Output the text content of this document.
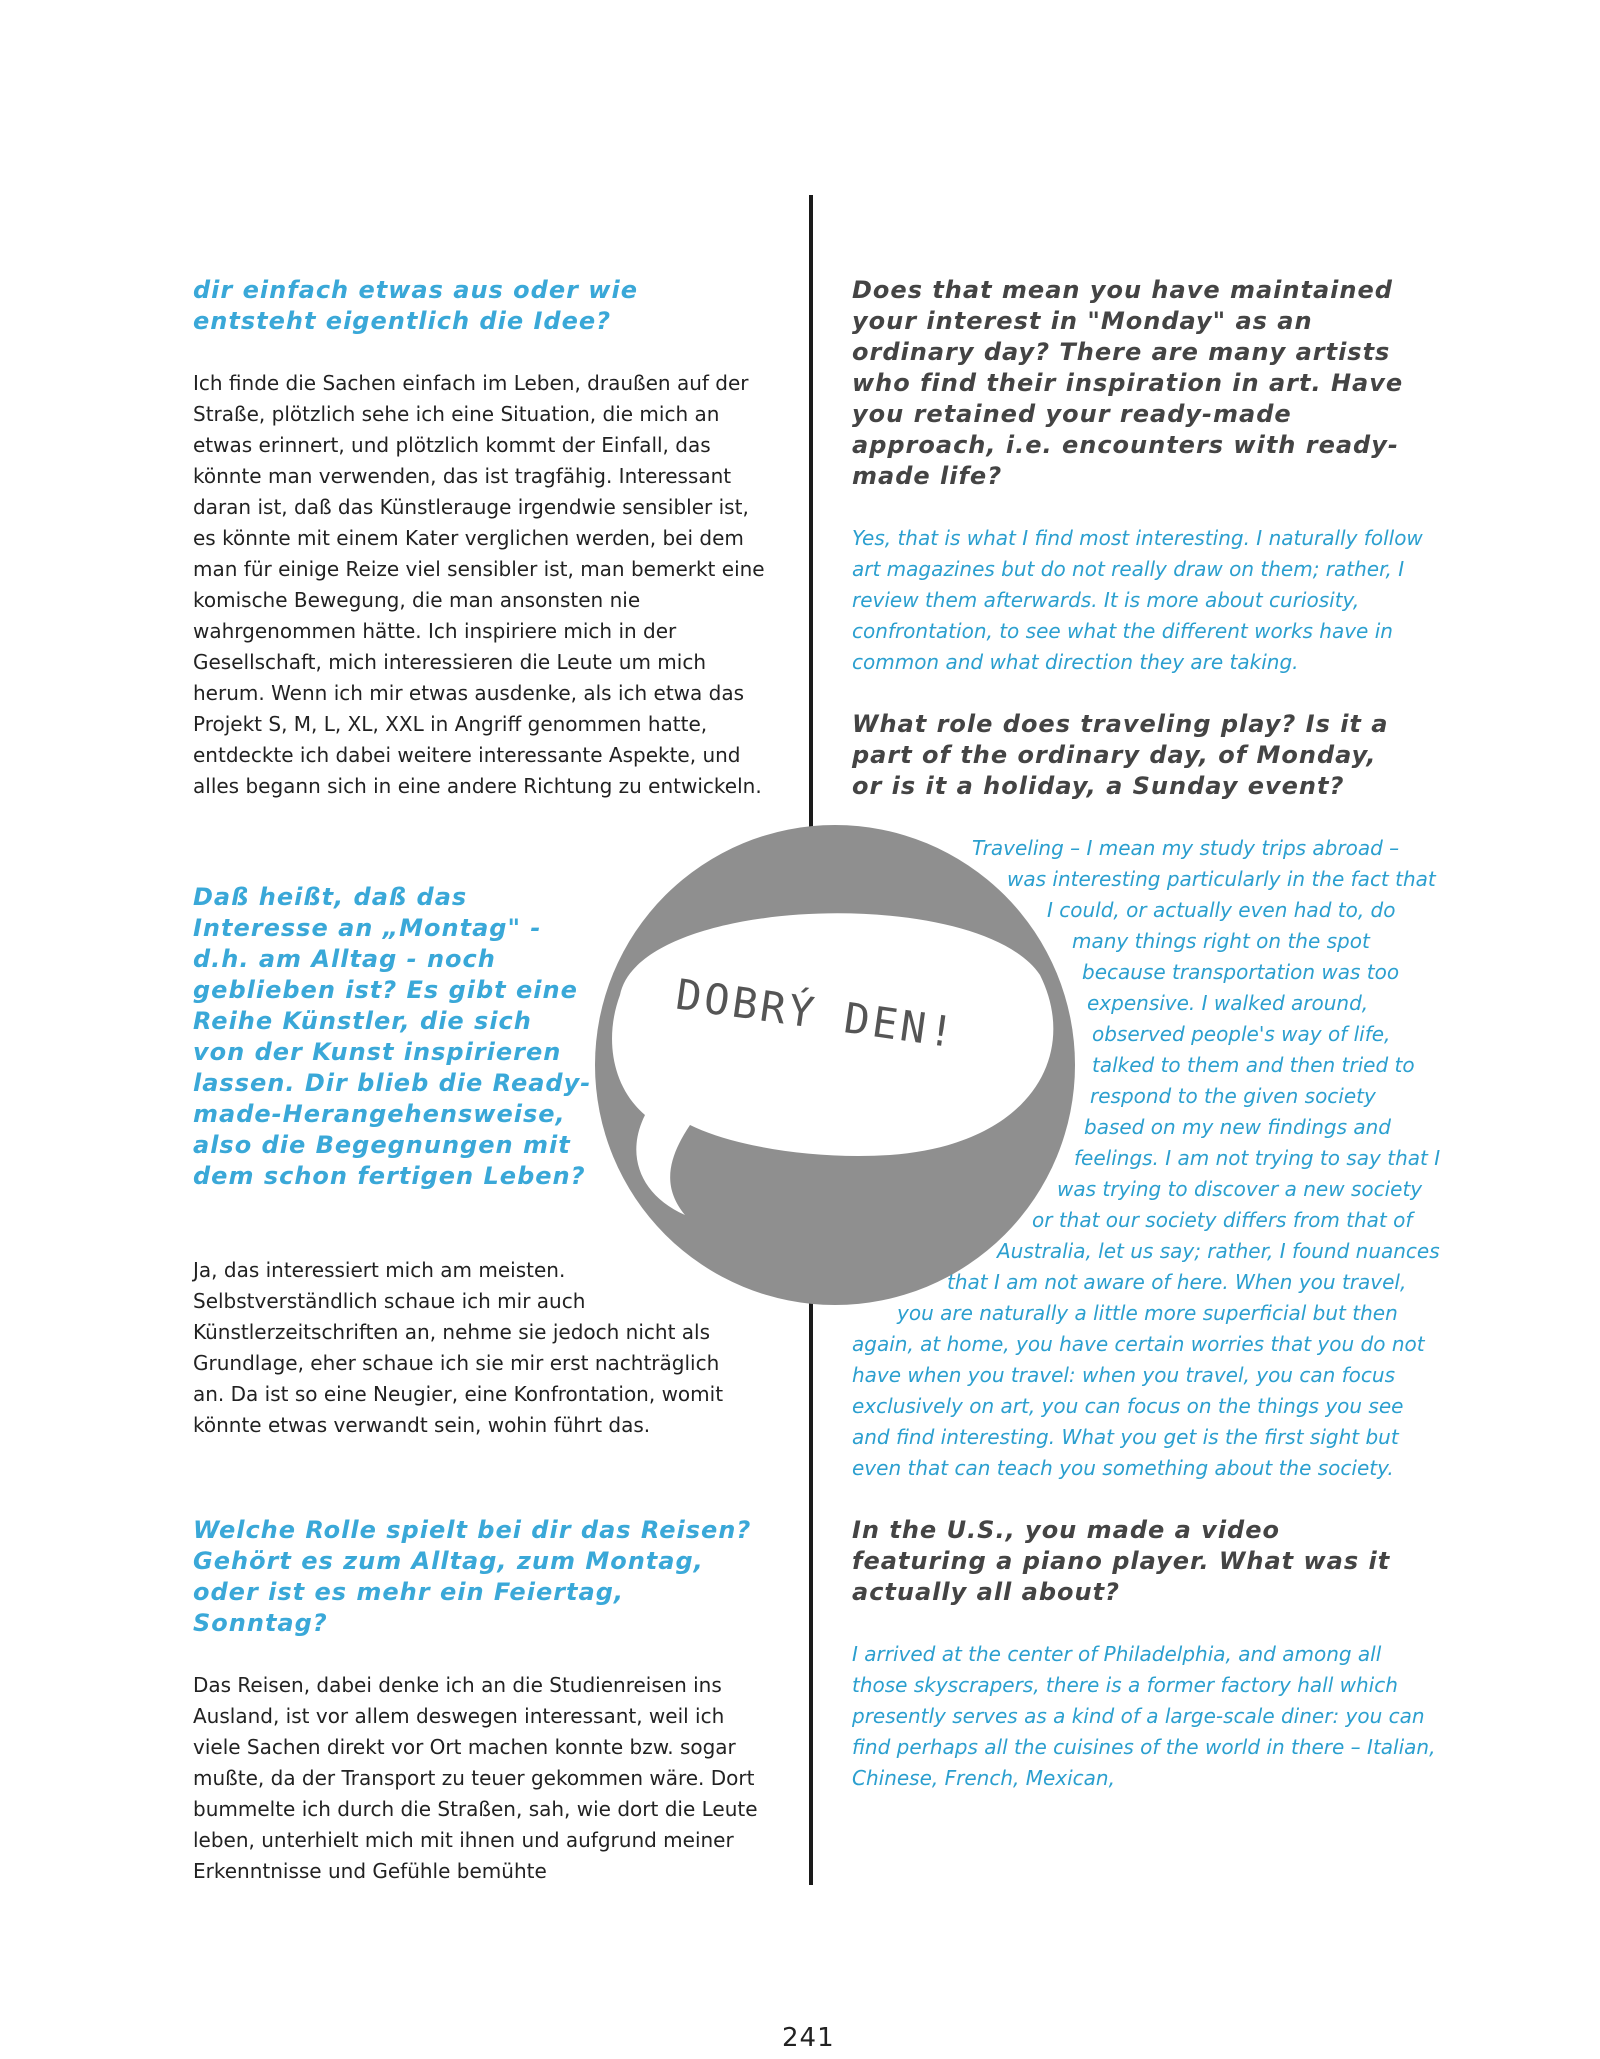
dir einfach etwas aus oder wie entsteht eigentlich die Idee?

Ich finde die Sachen einfach im Leben, draußen auf der Straße, plötzlich sehe ich eine Situation, die mich an etwas erinnert, und plötzlich kommt der Einfall, das könnte man verwenden, das ist tragfähig. Interessant daran ist, daß das Künstlerauge irgendwie sensibler ist, es könnte mit einem Kater verglichen werden, bei dem man für einige Reize viel sensibler ist, man bemerkt eine komische Bewegung, die man ansonsten nie wahrgenommen hätte. Ich inspiriere mich in der Gesellschaft, mich interessieren die Leute um mich herum. Wenn ich mir etwas ausdenke, als ich etwa das Projekt S, M, L, XL, XXL in Angriff genommen hatte, entdeckte ich dabei weitere interessante Aspekte, und alles begann sich in eine andere Richtung zu entwickeln.

Daß heißt, daß das Interesse an „Montag" - d.h. am Alltag - noch geblieben ist? Es gibt eine Reihe Künstler, die sich von der Kunst inspirieren lassen. Dir blieb die Ready-made-Herangehensweise, also die Begegnungen mit dem schon fertigen Leben?

Ja, das interessiert mich am meisten. Selbstverständlich schaue ich mir auch Künstlerzeitschriften an, nehme sie jedoch nicht als Grundlage, eher schaue ich sie mir erst nachträglich an. Da ist so eine Neugier, eine Konfrontation, womit könnte etwas verwandt sein, wohin führt das.

Welche Rolle spielt bei dir das Reisen? Gehört es zum Alltag, zum Montag, oder ist es mehr ein Feiertag, Sonntag?

Das Reisen, dabei denke ich an die Studienreisen ins Ausland, ist vor allem deswegen interessant, weil ich viele Sachen direkt vor Ort machen konnte bzw. sogar mußte, da der Transport zu teuer gekommen wäre. Dort bummelte ich durch die Straßen, sah, wie dort die Leute leben, unterhielt mich mit ihnen und aufgrund meiner Erkenntnisse und Gefühle bemühte

DOBRÝ DEN!

Does that mean you have maintained your interest in "Monday" as an ordinary day? There are many artists who find their inspiration in art. Have you retained your ready-made approach, i.e. encounters with ready-made life?

Yes, that is what I find most interesting. I naturally follow art magazines but do not really draw on them; rather, I review them afterwards. It is more about curiosity, confrontation, to see what the different works have in common and what direction they are taking.

What role does traveling play? Is it a part of the ordinary day, of Monday, or is it a holiday, a Sunday event?

Traveling – I mean my study trips abroad – was interesting particularly in the fact that I could, or actually even had to, do many things right on the spot because transportation was too expensive. I walked around, observed people's way of life, talked to them and then tried to respond to the given society based on my new findings and feelings. I am not trying to say that I was trying to discover a new society or that our society differs from that of Australia, let us say; rather, I found nuances that I am not aware of here. When you travel, you are naturally a little more superficial but then again, at home, you have certain worries that you do not have when you travel: when you travel, you can focus exclusively on art, you can focus on the things you see and find interesting. What you get is the first sight but even that can teach you something about the society.

In the U.S., you made a video featuring a piano player. What was it actually all about?

I arrived at the center of Philadelphia, and among all those skyscrapers, there is a former factory hall which presently serves as a kind of a large-scale diner: you can find perhaps all the cuisines of the world in there – Italian, Chinese, French, Mexican,

241
